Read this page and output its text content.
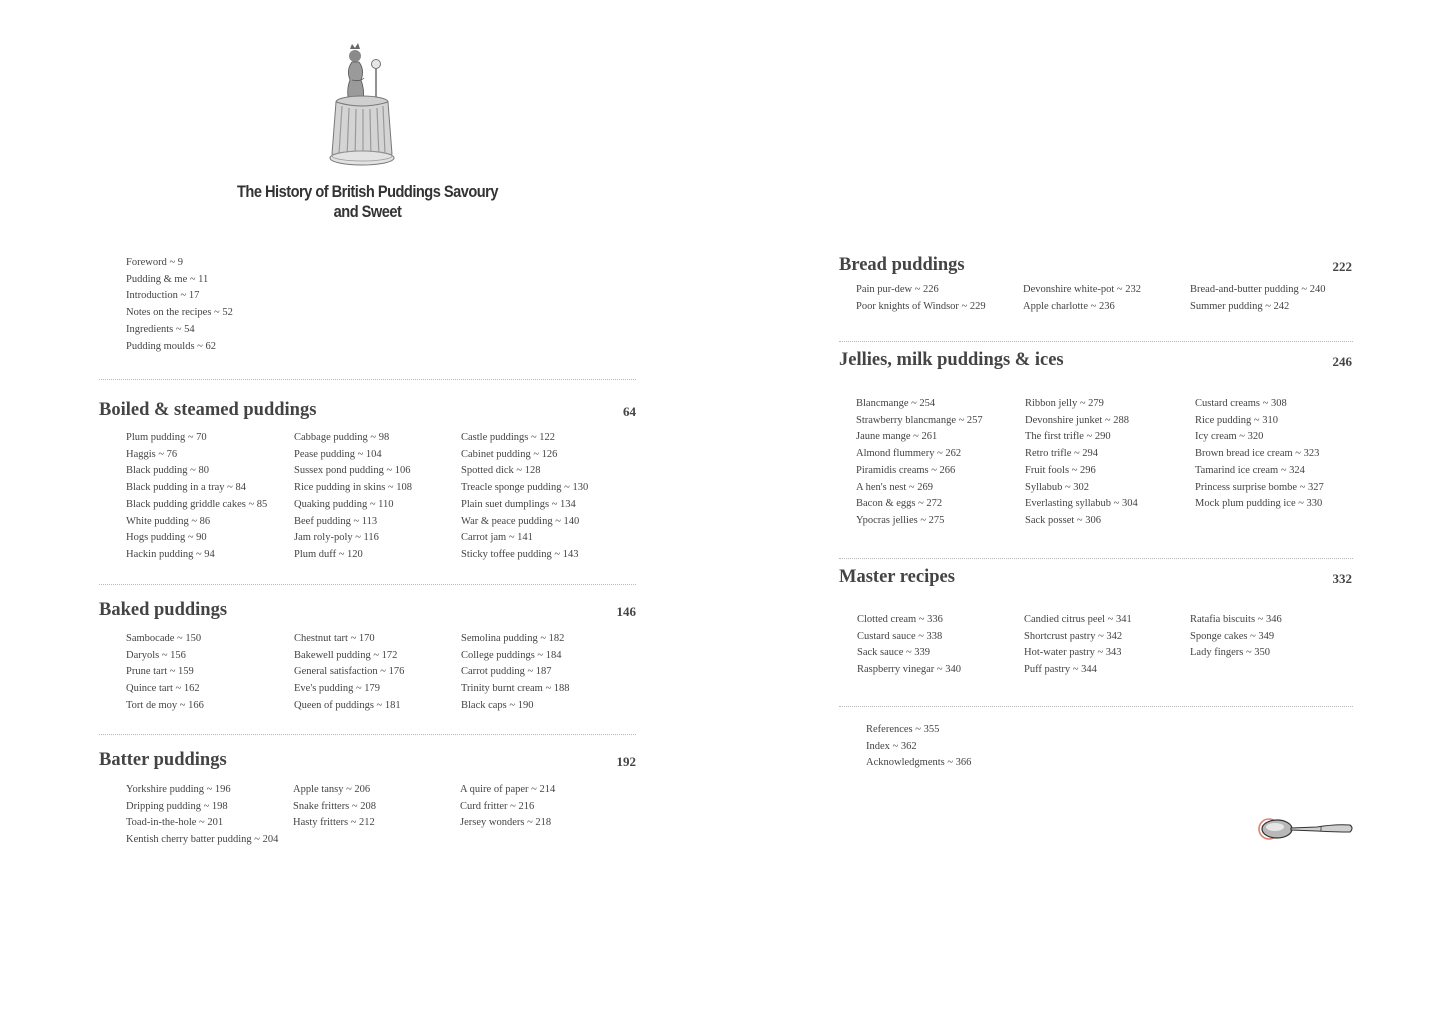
The History of British Puddings Savoury and Sweet
Foreword ~ 9
Pudding & me ~ 11
Introduction ~ 17
Notes on the recipes ~ 52
Ingredients ~ 54
Pudding moulds ~ 62
Boiled & steamed puddings	64
Plum pudding ~ 70
Haggis ~ 76
Black pudding ~ 80
Black pudding in a tray ~ 84
Black pudding griddle cakes ~ 85
White pudding ~ 86
Hogs pudding ~ 90
Hackin pudding ~ 94
Cabbage pudding ~ 98
Pease pudding ~ 104
Sussex pond pudding ~ 106
Rice pudding in skins ~ 108
Quaking pudding ~ 110
Beef pudding ~ 113
Jam roly-poly ~ 116
Plum duff ~ 120
Castle puddings ~ 122
Cabinet pudding ~ 126
Spotted dick ~ 128
Treacle sponge pudding ~ 130
Plain suet dumplings ~ 134
War & peace pudding ~ 140
Carrot jam ~ 141
Sticky toffee pudding ~ 143
Baked puddings	146
Sambocade ~ 150
Daryols ~ 156
Prune tart ~ 159
Quince tart ~ 162
Tort de moy ~ 166
Chestnut tart ~ 170
Bakewell pudding ~ 172
General satisfaction ~ 176
Eve's pudding ~ 179
Queen of puddings ~ 181
Semolina pudding ~ 182
College puddings ~ 184
Carrot pudding ~ 187
Trinity burnt cream ~ 188
Black caps ~ 190
Batter puddings	192
Yorkshire pudding ~ 196
Dripping pudding ~ 198
Toad-in-the-hole ~ 201
Kentish cherry batter pudding ~ 204
Apple tansy ~ 206
Snake fritters ~ 208
Hasty fritters ~ 212
A quire of paper ~ 214
Curd fritter ~ 216
Jersey wonders ~ 218
Bread puddings	222
Pain pur-dew ~ 226
Poor knights of Windsor ~ 229
Devonshire white-pot ~ 232
Apple charlotte ~ 236
Bread-and-butter pudding ~ 240
Summer pudding ~ 242
Jellies, milk puddings & ices	246
Blancmange ~ 254
Strawberry blancmange ~ 257
Jaune mange ~ 261
Almond flummery ~ 262
Piramidis creams ~ 266
A hen's nest ~ 269
Bacon & eggs ~ 272
Ypocras jellies ~ 275
Ribbon jelly ~ 279
Devonshire junket ~ 288
The first trifle ~ 290
Retro trifle ~ 294
Fruit fools ~ 296
Syllabub ~ 302
Everlasting syllabub ~ 304
Sack posset ~ 306
Custard creams ~ 308
Rice pudding ~ 310
Icy cream ~ 320
Brown bread ice cream ~ 323
Tamarind ice cream ~ 324
Princess surprise bombe ~ 327
Mock plum pudding ice ~ 330
Master recipes	332
Clotted cream ~ 336
Custard sauce ~ 338
Sack sauce ~ 339
Raspberry vinegar ~ 340
Candied citrus peel ~ 341
Shortcrust pastry ~ 342
Hot-water pastry ~ 343
Puff pastry ~ 344
Ratafia biscuits ~ 346
Sponge cakes ~ 349
Lady fingers ~ 350
References ~ 355
Index ~ 362
Acknowledgments ~ 366
